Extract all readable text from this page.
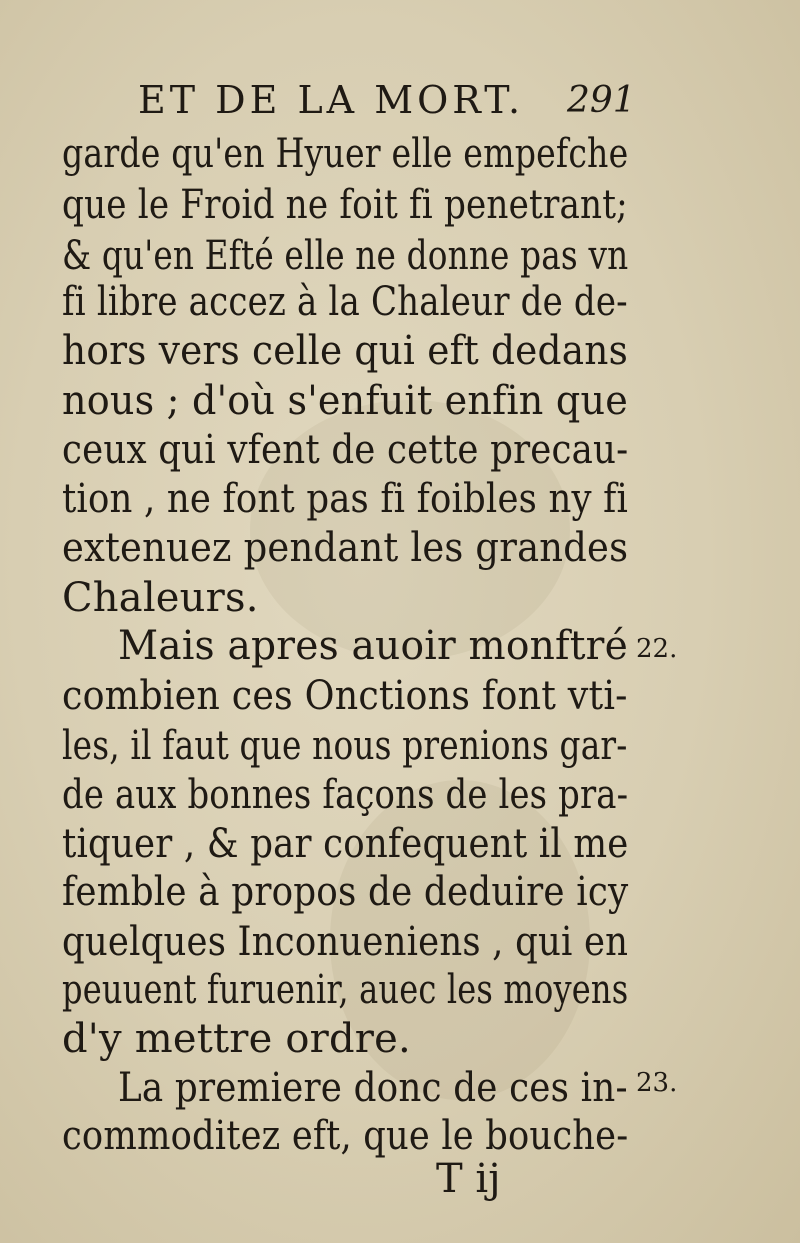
ET DE LA MORT. 291
garde qu'en Hyuer elle empefche
que le Froid ne foit fi penetrant;
& qu'en Efté elle ne donne pas vn
fi libre accez à la Chaleur de de-
hors vers celle qui eft dedans
nous ; d'où s'enfuit enfin que
ceux qui vfent de cette precau-
tion , ne font pas fi foibles ny fi
extenuez pendant les grandes
Chaleurs.
Mais apres auoir monftré 22.
combien ces Onctions font vti-
les, il faut que nous prenions gar-
de aux bonnes façons de les pra-
tiquer , & par confequent il me
femble à propos de deduire icy
quelques Inconueniens , qui en
peuuent furuenir, auec les moyens
d'y mettre ordre.
La premiere donc de ces in- 23.
commoditez eft, que le bouche-
T ij
